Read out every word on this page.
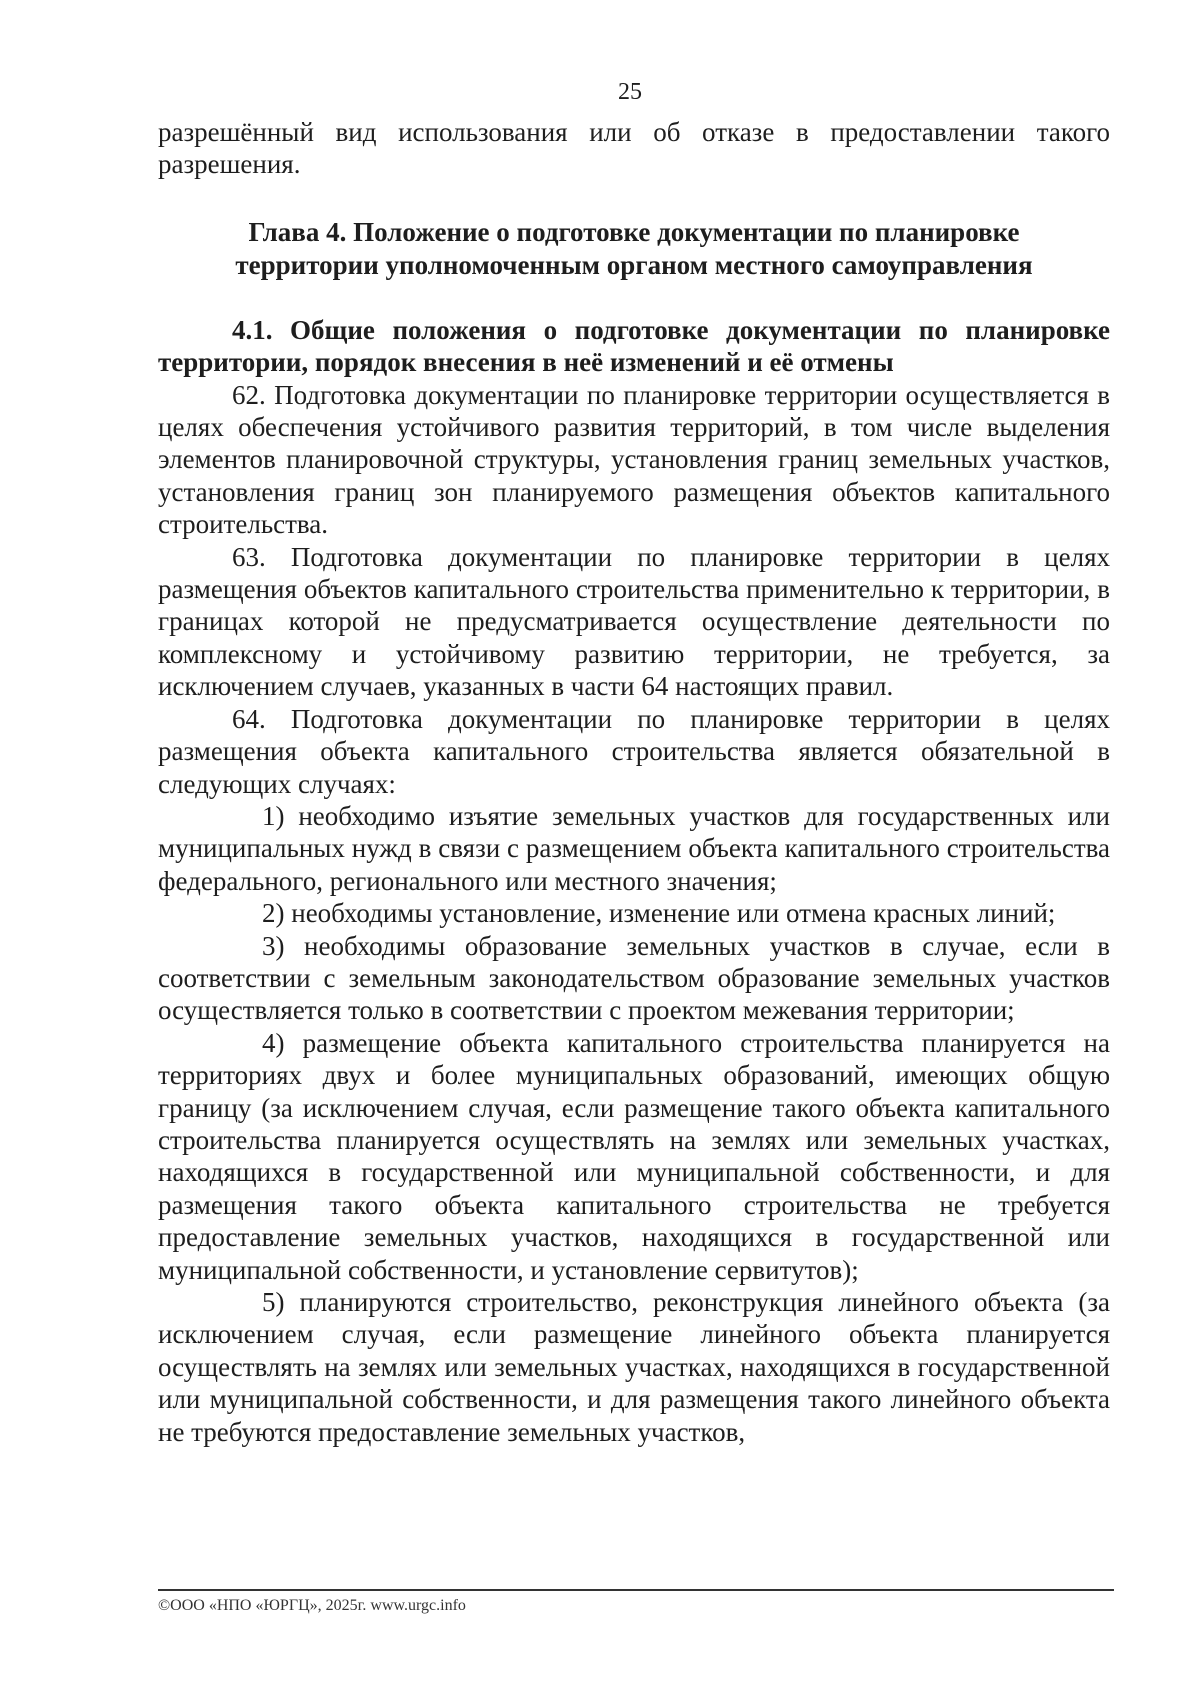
25

разрешённый вид использования или об отказе в предоставлении такого разрешения.

Глава 4. Положение о подготовке документации по планировке
территории уполномоченным органом местного самоуправления

4.1. Общие положения о подготовке документации по планировке территории, порядок внесения в неё изменений и её отмены

62. Подготовка документации по планировке территории осуществляется в целях обеспечения устойчивого развития территорий, в том числе выделения элементов планировочной структуры, установления границ земельных участков, установления границ зон планируемого размещения объектов капитального строительства.

63. Подготовка документации по планировке территории в целях размещения объектов капитального строительства применительно к территории, в границах которой не предусматривается осуществление деятельности по комплексному и устойчивому развитию территории, не требуется, за исключением случаев, указанных в части 64 настоящих правил.

64. Подготовка документации по планировке территории в целях размещения объекта капитального строительства является обязательной в следующих случаях:

1) необходимо изъятие земельных участков для государственных или муниципальных нужд в связи с размещением объекта капитального строительства федерального, регионального или местного значения;

2) необходимы установление, изменение или отмена красных линий;

3) необходимы образование земельных участков в случае, если в соответствии с земельным законодательством образование земельных участков осуществляется только в соответствии с проектом межевания территории;

4) размещение объекта капитального строительства планируется на территориях двух и более муниципальных образований, имеющих общую границу (за исключением случая, если размещение такого объекта капитального строительства планируется осуществлять на землях или земельных участках, находящихся в государственной или муниципальной собственности, и для размещения такого объекта капитального строительства не требуется предоставление земельных участков, находящихся в государственной или муниципальной собственности, и установление сервитутов);

5) планируются строительство, реконструкция линейного объекта (за исключением случая, если размещение линейного объекта планируется осуществлять на землях или земельных участках, находящихся в государственной или муниципальной собственности, и для размещения такого линейного объекта не требуются предоставление земельных участков,

©ООО «НПО «ЮРГЦ», 2025г. www.urgc.info
